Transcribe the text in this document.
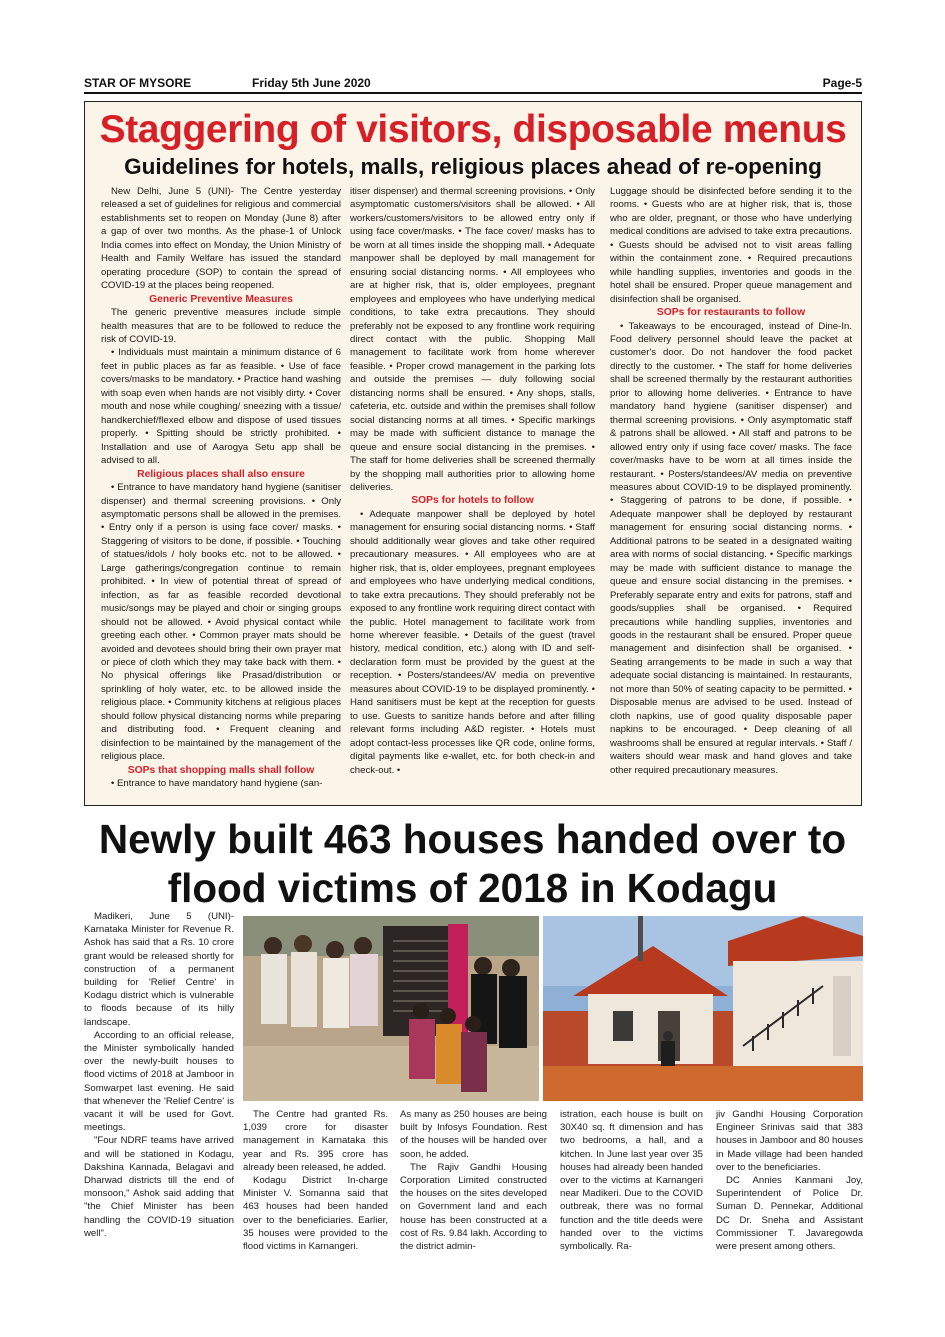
STAR OF MYSORE	Friday 5th June 2020	Page-5
Staggering of visitors, disposable menus
Guidelines for hotels, malls, religious places ahead of re-opening

New Delhi, June 5 (UNI)- The Centre yesterday released a set of guidelines for religious and commercial establishments set to reopen on Monday (June 8) after a gap of over two months. As the phase-1 of Unlock India comes into effect on Monday, the Union Ministry of Health and Family Welfare has issued the standard operating procedure (SOP) to contain the spread of COVID-19 at the places being reopened.

Generic Preventive Measures

The generic preventive measures include simple health measures that are to be followed to reduce the risk of COVID-19.

• Individuals must maintain a minimum distance of 6 feet in public places as far as feasible. • Use of face covers/masks to be mandatory. • Practice hand washing with soap even when hands are not visibly dirty. • Cover mouth and nose while coughing/ sneezing with a tissue/ handkerchief/flexed elbow and dispose of used tissues properly. • Spitting should be strictly prohibited. • Installation and use of Aarogya Setu app shall be advised to all.

Religious places shall also ensure

• Entrance to have mandatory hand hygiene (sanitiser dispenser) and thermal screening provisions. • Only asymptomatic persons shall be allowed in the premises. • Entry only if a person is using face cover/ masks. • Staggering of visitors to be done, if possible. • Touching of statues/idols / holy books etc. not to be allowed. • Large gatherings/congregation continue to remain prohibited. • In view of potential threat of spread of infection, as far as feasible recorded devotional music/songs may be played and choir or singing groups should not be allowed. • Avoid physical contact while greeting each other. • Common prayer mats should be avoided and devotees should bring their own prayer mat or piece of cloth which they may take back with them. • No physical offerings like Prasad/distribution or sprinkling of holy water, etc. to be allowed inside the religious place. • Community kitchens at religious places should follow physical distancing norms while preparing and distributing food. • Frequent cleaning and disinfection to be maintained by the management of the religious place.

SOPs that shopping malls shall follow

• Entrance to have mandatory hand hygiene (san-

itiser dispenser) and thermal screening provisions. • Only asymptomatic customers/visitors shall be allowed. • All workers/customers/visitors to be allowed entry only if using face cover/masks. • The face cover/ masks has to be worn at all times inside the shopping mall. • Adequate manpower shall be deployed by mall management for ensuring social distancing norms. • All employees who are at higher risk, that is, older employees, pregnant employees and employees who have underlying medical conditions, to take extra precautions. They should preferably not be exposed to any frontline work requiring direct contact with the public. Shopping Mall management to facilitate work from home wherever feasible. • Proper crowd management in the parking lots and outside the premises — duly following social distancing norms shall be ensured. • Any shops, stalls, cafeteria, etc. outside and within the premises shall follow social distancing norms at all times. • Specific markings may be made with sufficient distance to manage the queue and ensure social distancing in the premises. • The staff for home deliveries shall be screened thermally by the shopping mall authorities prior to allowing home deliveries.

SOPs for hotels to follow

• Adequate manpower shall be deployed by hotel management for ensuring social distancing norms. • Staff should additionally wear gloves and take other required precautionary measures. • All employees who are at higher risk, that is, older employees, pregnant employees and employees who have underlying medical conditions, to take extra precautions. They should preferably not be exposed to any frontline work requiring direct contact with the public. Hotel management to facilitate work from home wherever feasible. • Details of the guest (travel history, medical condition, etc.) along with ID and self-declaration form must be provided by the guest at the reception. • Posters/standees/AV media on preventive measures about COVID-19 to be displayed prominently. • Hand sanitisers must be kept at the reception for guests to use. Guests to sanitize hands before and after filling relevant forms including A&D register. • Hotels must adopt contact-less processes like QR code, online forms, digital payments like e-wallet, etc. for both check-in and check-out. •

Luggage should be disinfected before sending it to the rooms. • Guests who are at higher risk, that is, those who are older, pregnant, or those who have underlying medical conditions are advised to take extra precautions. • Guests should be advised not to visit areas falling within the containment zone. • Required precautions while handling supplies, inventories and goods in the hotel shall be ensured. Proper queue management and disinfection shall be organised.

SOPs for restaurants to follow

• Takeaways to be encouraged, instead of Dine-In. Food delivery personnel should leave the packet at customer's door. Do not handover the food packet directly to the customer. • The staff for home deliveries shall be screened thermally by the restaurant authorities prior to allowing home deliveries. • Entrance to have mandatory hand hygiene (sanitiser dispenser) and thermal screening provisions. • Only asymptomatic staff & patrons shall be allowed. • All staff and patrons to be allowed entry only if using face cover/ masks. The face cover/masks have to be worn at all times inside the restaurant. • Posters/standees/AV media on preventive measures about COVID-19 to be displayed prominently. • Staggering of patrons to be done, if possible. • Adequate manpower shall be deployed by restaurant management for ensuring social distancing norms. • Additional patrons to be seated in a designated waiting area with norms of social distancing. • Specific markings may be made with sufficient distance to manage the queue and ensure social distancing in the premises. • Preferably separate entry and exits for patrons, staff and goods/supplies shall be organised. • Required precautions while handling supplies, inventories and goods in the restaurant shall be ensured. Proper queue management and disinfection shall be organised. • Seating arrangements to be made in such a way that adequate social distancing is maintained. In restaurants, not more than 50% of seating capacity to be permitted. • Disposable menus are advised to be used. Instead of cloth napkins, use of good quality disposable paper napkins to be encouraged. • Deep cleaning of all washrooms shall be ensured at regular intervals. • Staff / waiters should wear mask and hand gloves and take other required precautionary measures.

Newly built 463 houses handed over to flood victims of 2018 in Kodagu

Madikeri, June 5 (UNI)- Karnataka Minister for Revenue R. Ashok has said that a Rs. 10 crore grant would be released shortly for construction of a permanent building for 'Relief Centre' in Kodagu district which is vulnerable to floods because of its hilly landscape.

According to an official release, the Minister symbolically handed over the newly-built houses to flood victims of 2018 at Jamboor in Somwarpet last evening. He said that whenever the 'Relief Centre' is vacant it will be used for Govt. meetings.

"Four NDRF teams have arrived and will be stationed in Kodagu, Dakshina Kannada, Belagavi and Dharwad districts till the end of monsoon," Ashok said adding that "the Chief Minister has been handling the COVID-19 situation well".

The Centre had granted Rs. 1,039 crore for disaster management in Karnataka this year and Rs. 395 crore has already been released, he added.

Kodagu District In-charge Minister V. Somanna said that 463 houses had been handed over to the beneficiaries. Earlier, 35 houses were provided to the flood victims in Karnangeri.

As many as 250 houses are being built by Infosys Foundation. Rest of the houses will be handed over soon, he added.

The Rajiv Gandhi Housing Corporation Limited constructed the houses on the sites developed on Government land and each house has been constructed at a cost of Rs. 9.84 lakh. According to the district admin-

istration, each house is built on 30X40 sq. ft dimension and has two bedrooms, a hall, and a kitchen. In June last year over 35 houses had already been handed over to the victims at Karnangeri near Madikeri. Due to the COVID outbreak, there was no formal function and the title deeds were handed over to the victims symbolically. Ra-

jiv Gandhi Housing Corporation Engineer Srinivas said that 383 houses in Jamboor and 80 houses in Made village had been handed over to the beneficiaries.

DC Annies Kanmani Joy, Superintendent of Police Dr. Suman D. Pennekar, Additional DC Dr. Sneha and Assistant Commissioner T. Javaregowda were present among others.
